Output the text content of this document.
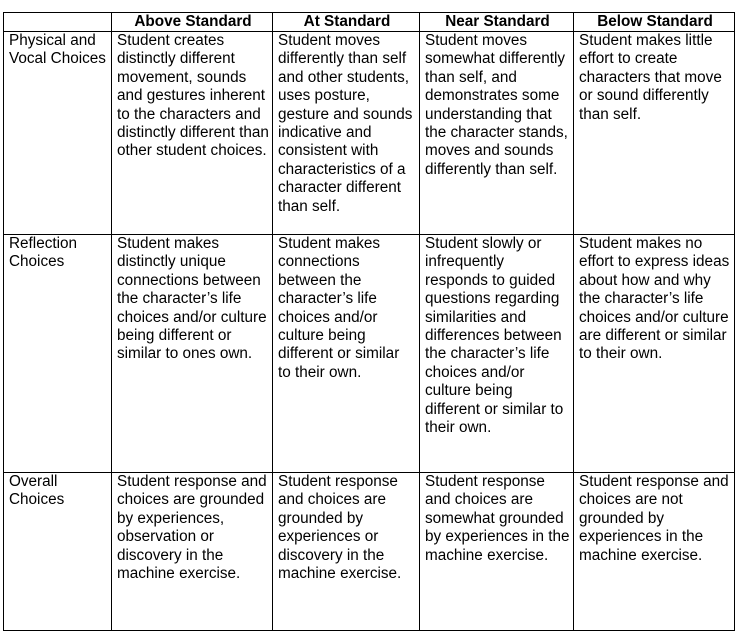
	Above Standard	At Standard	Near Standard	Below Standard
Physical and Vocal Choices	Student creates distinctly different movement, sounds and gestures inherent to the characters and distinctly different than other student choices.	Student moves differently than self and other students, uses posture, gesture and sounds indicative and consistent with characteristics of a character different than self.	Student moves somewhat differently than self, and demonstrates some understanding that the character stands, moves and sounds differently than self.	Student makes little effort to create characters that move or sound differently than self.
Reflection Choices	Student makes distinctly unique connections between the character’s life choices and/or culture being different or similar to ones own.	Student makes connections between the character’s life choices and/or culture being different or similar to their own.	Student slowly or infrequently responds to guided questions regarding similarities and differences between the character’s life choices and/or culture being different or similar to their own.	Student makes no effort to express ideas about how and why the character’s life choices and/or culture are different or similar to their own.
Overall Choices	Student response and choices are grounded by experiences, observation or discovery in the machine exercise.	Student response and choices are grounded by experiences or discovery in the machine exercise.	Student response and choices are somewhat grounded by experiences in the machine exercise.	Student response and choices are not grounded by experiences in the machine exercise.
